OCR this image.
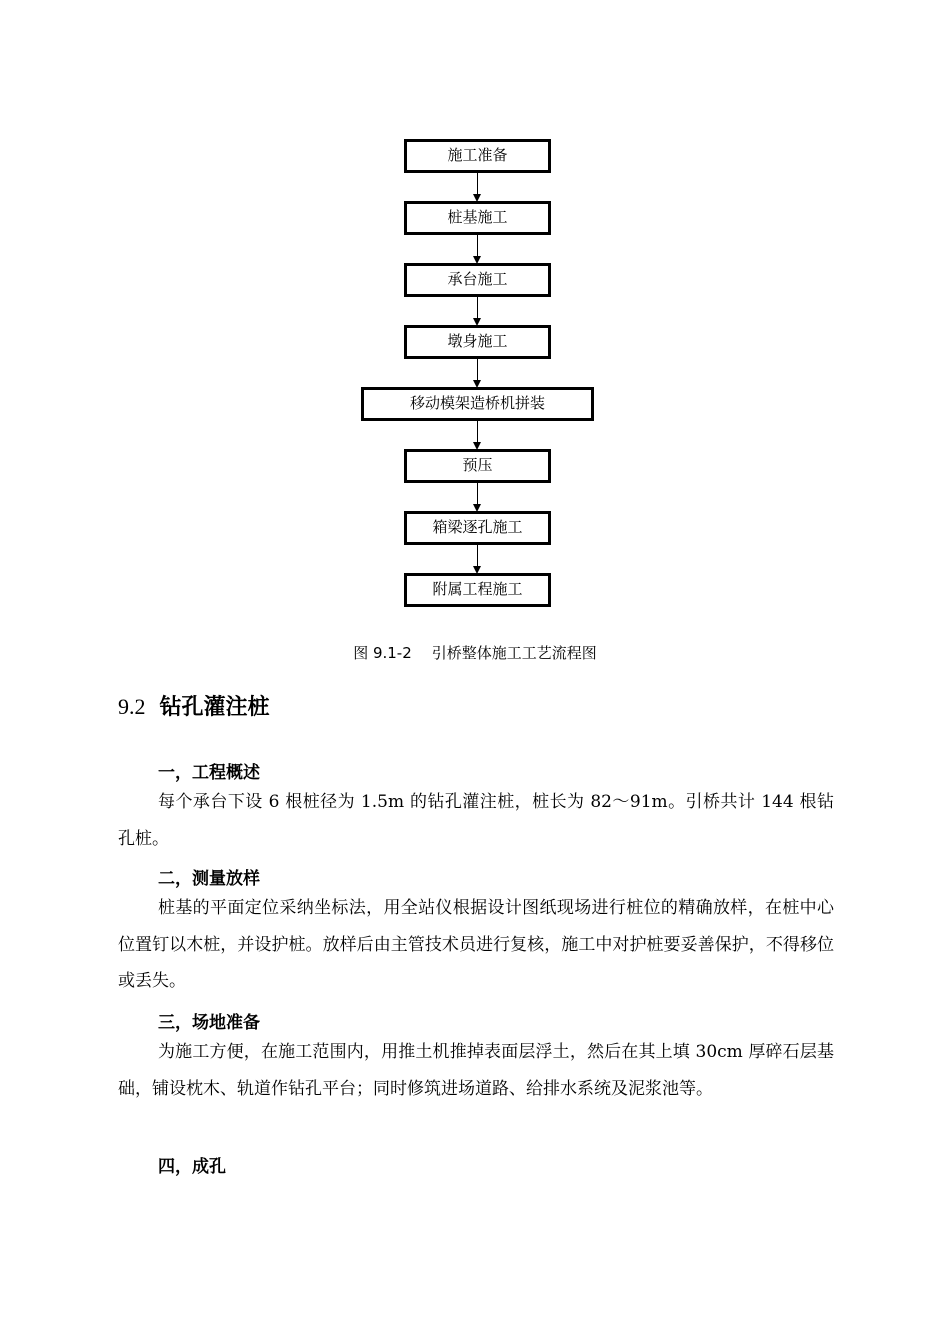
施工准备
桩基施工
承台施工
墩身施工
移动模架造桥机拼装
预压
箱梁逐孔施工
附属工程施工
图 9.1-2 引桥整体施工工艺流程图
9.2 钻孔灌注桩
一，工程概述

每个承台下设 6 根桩径为 1.5m 的钻孔灌注桩，桩长为 82～91m。引桥共计 144 根钻孔桩。

二，测量放样

桩基的平面定位采纳坐标法，用全站仪根据设计图纸现场进行桩位的精确放样，在桩中心位置钉以木桩，并设护桩。放样后由主管技术员进行复核，施工中对护桩要妥善保护，不得移位或丢失。

三，场地准备

为施工方便，在施工范围内，用推土机推掉表面层浮土，然后在其上填 30cm 厚碎石层基础，铺设枕木、轨道作钻孔平台；同时修筑进场道路、给排水系统及泥浆池等。

四，成孔
